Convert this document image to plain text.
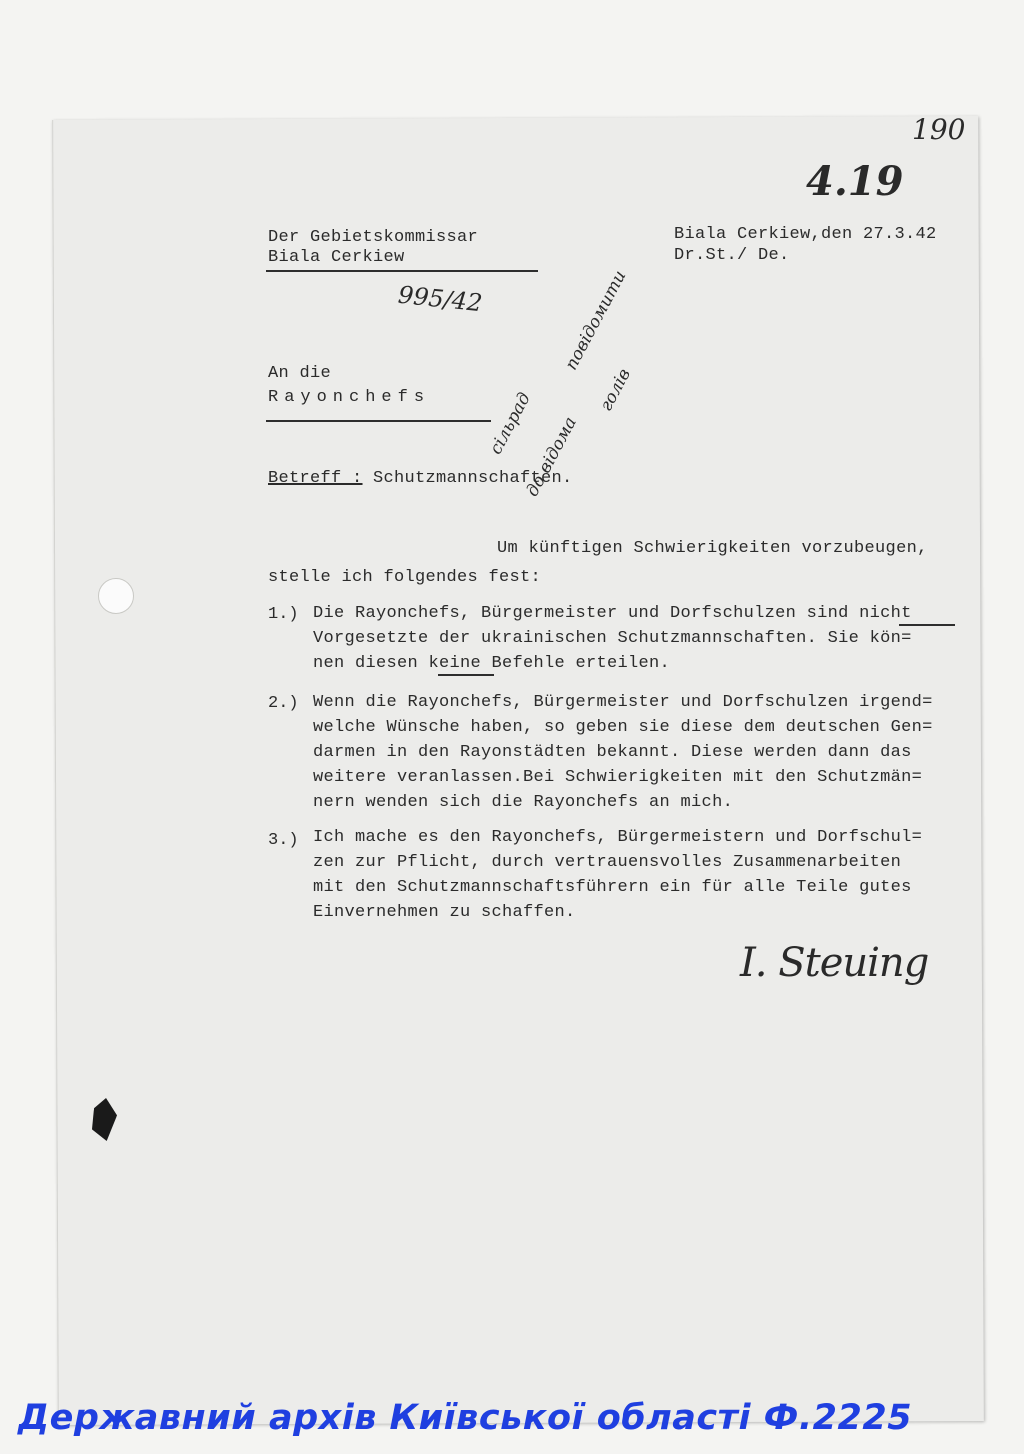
190
4.19
Der Gebietskommissar
Biala Cerkiew
Biala Cerkiew,den 27.3.42
Dr.St./ De.
995/42
An die
Rayonchefs
повідомити
до відома
голів
сільрад
Betreff : Schutzmannschaften.
Um künftigen Schwierigkeiten vorzubeugen,
stelle ich folgendes fest:
1.) Die Rayonchefs, Bürgermeister und Dorfschulzen sind nicht
Vorgesetzte der ukrainischen Schutzmannschaften. Sie kön=
nen diesen keine Befehle erteilen.
2.) Wenn die Rayonchefs, Bürgermeister und Dorfschulzen irgend=
welche Wünsche haben, so geben sie diese dem deutschen Gen=
darmen in den Rayonstädten bekannt. Diese werden dann das
weitere veranlassen.Bei Schwierigkeiten mit den Schutzmän=
nern wenden sich die Rayonchefs an mich.
3.) Ich mache es den Rayonchefs, Bürgermeistern und Dorfschul=
zen zur Pflicht, durch vertrauensvolles Zusammenarbeiten
mit den Schutzmannschaftsführern ein für alle Teile gutes
Einvernehmen zu schaffen.
I. Steuing
Державний архів Київської області Ф.2225
